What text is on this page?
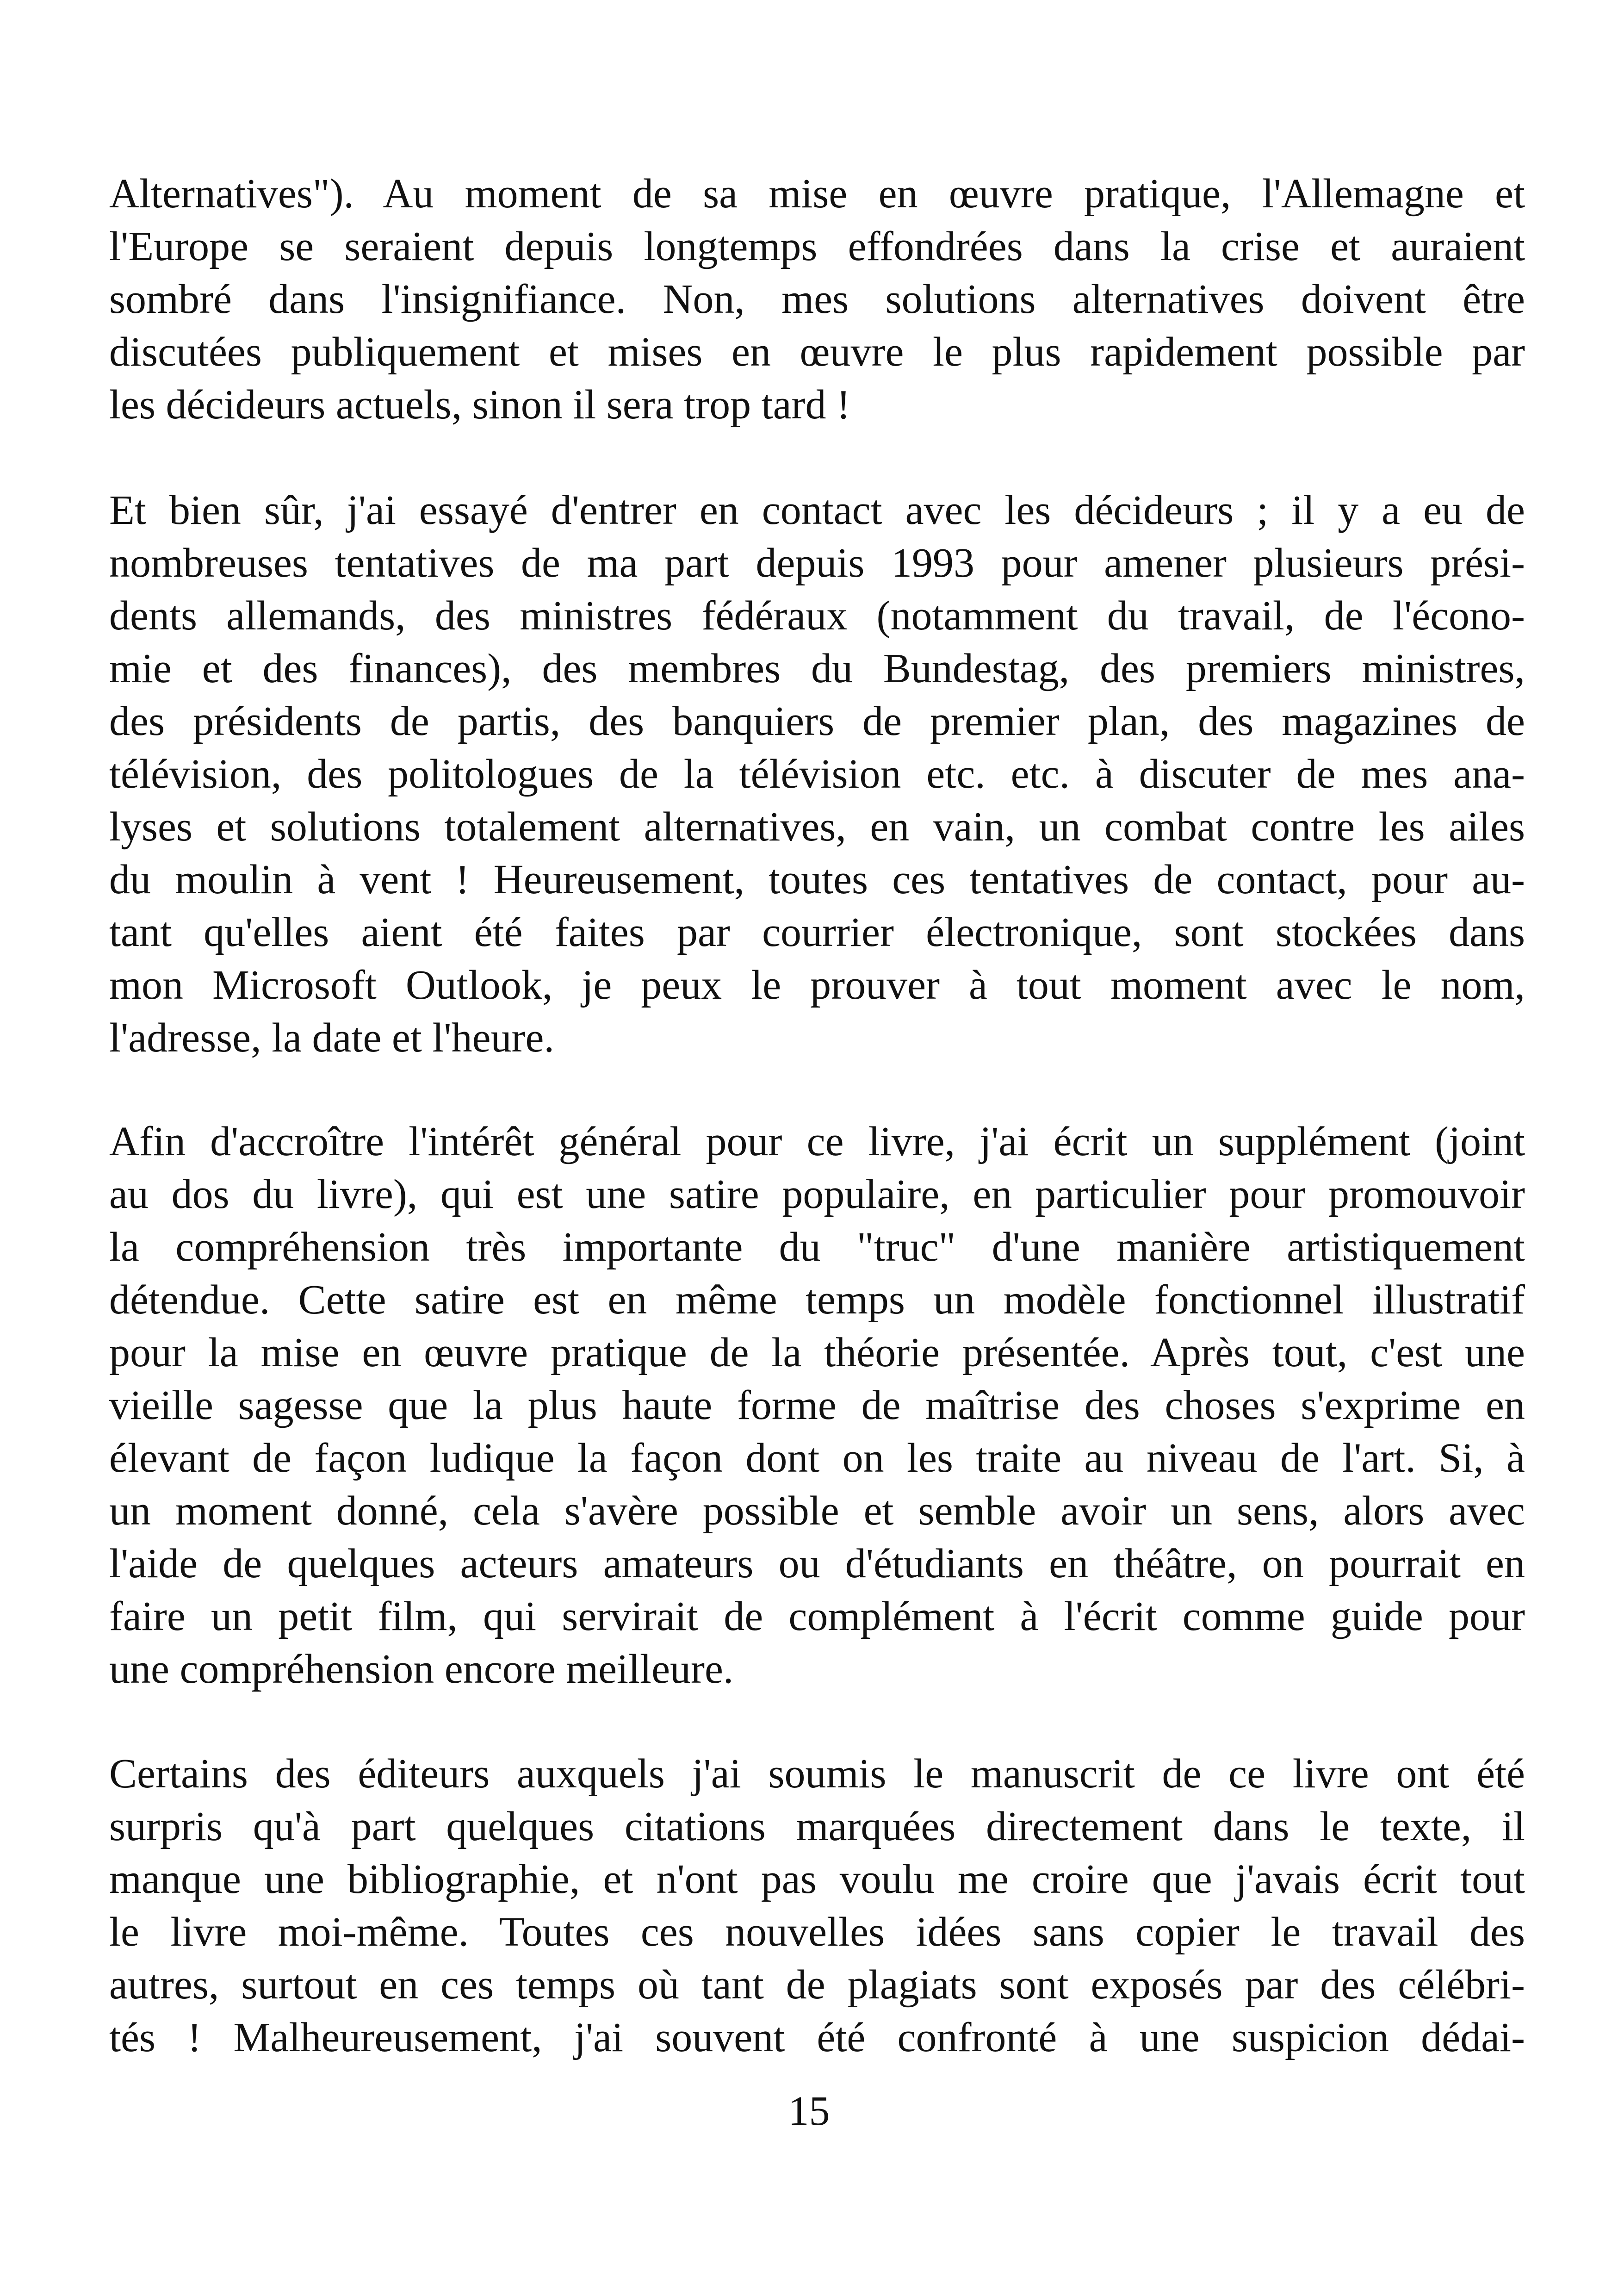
Alternatives"). Au moment de sa mise en œuvre pratique, l'Allemagne et
l'Europe se seraient depuis longtemps effondrées dans la crise et auraient
sombré dans l'insignifiance. Non, mes solutions alternatives doivent être
discutées publiquement et mises en œuvre le plus rapidement possible par
les décideurs actuels, sinon il sera trop tard !
Et bien sûr, j'ai essayé d'entrer en contact avec les décideurs ; il y a eu de
nombreuses tentatives de ma part depuis 1993 pour amener plusieurs prési-
dents allemands, des ministres fédéraux (notamment du travail, de l'écono-
mie et des finances), des membres du Bundestag, des premiers ministres,
des présidents de partis, des banquiers de premier plan, des magazines de
télévision, des politologues de la télévision etc. etc. à discuter de mes ana-
lyses et solutions totalement alternatives, en vain, un combat contre les ailes
du moulin à vent ! Heureusement, toutes ces tentatives de contact, pour au-
tant qu'elles aient été faites par courrier électronique, sont stockées dans
mon Microsoft Outlook, je peux le prouver à tout moment avec le nom,
l'adresse, la date et l'heure.
Afin d'accroître l'intérêt général pour ce livre, j'ai écrit un supplément (joint
au dos du livre), qui est une satire populaire, en particulier pour promouvoir
la compréhension très importante du "truc" d'une manière artistiquement
détendue. Cette satire est en même temps un modèle fonctionnel illustratif
pour la mise en œuvre pratique de la théorie présentée. Après tout, c'est une
vieille sagesse que la plus haute forme de maîtrise des choses s'exprime en
élevant de façon ludique la façon dont on les traite au niveau de l'art. Si, à
un moment donné, cela s'avère possible et semble avoir un sens, alors avec
l'aide de quelques acteurs amateurs ou d'étudiants en théâtre, on pourrait en
faire un petit film, qui servirait de complément à l'écrit comme guide pour
une compréhension encore meilleure.
Certains des éditeurs auxquels j'ai soumis le manuscrit de ce livre ont été
surpris qu'à part quelques citations marquées directement dans le texte, il
manque une bibliographie, et n'ont pas voulu me croire que j'avais écrit tout
le livre moi-même. Toutes ces nouvelles idées sans copier le travail des
autres, surtout en ces temps où tant de plagiats sont exposés par des célébri-
tés ! Malheureusement, j'ai souvent été confronté à une suspicion dédai-
15
